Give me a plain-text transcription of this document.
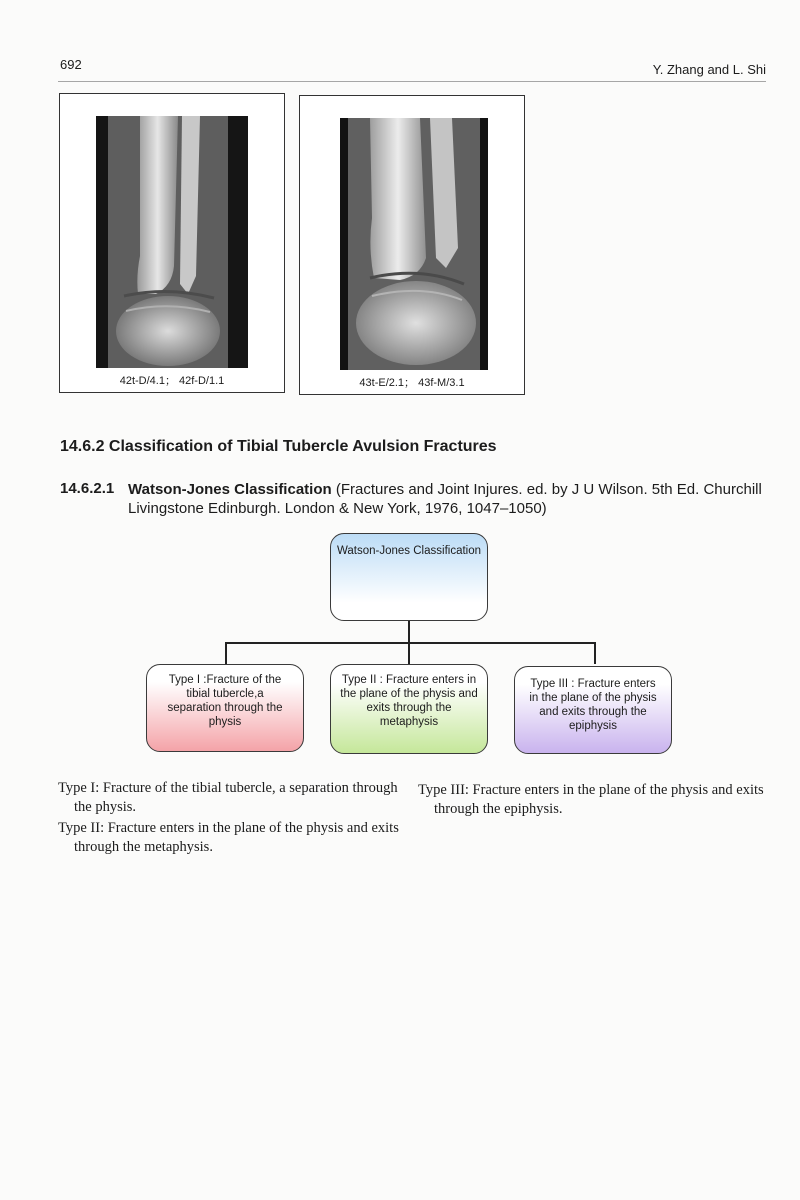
692	Y. Zhang and L. Shi
42t-D/4.1； 42f-D/1.1	43t-E/2.1； 43f-M/3.1
14.6.2 Classification of Tibial Tubercle Avulsion Fractures
14.6.2.1 Watson-Jones Classification (Fractures and Joint Injures. ed. by J U Wilson. 5th Ed. Churchill Livingstone Edinburgh. London & New York, 1976, 1047–1050)
Watson-Jones Classification
Type I :Fracture of the tibial tubercle,a separation through the physis
Type II : Fracture enters in the plane of the physis and exits through the metaphysis
Type III : Fracture enters in the plane of the physis and exits through the epiphysis

Type I: Fracture of the tibial tubercle, a separation through the physis.

Type II: Fracture enters in the plane of the physis and exits through the metaphysis.

Type III: Fracture enters in the plane of the physis and exits through the epiphysis.
